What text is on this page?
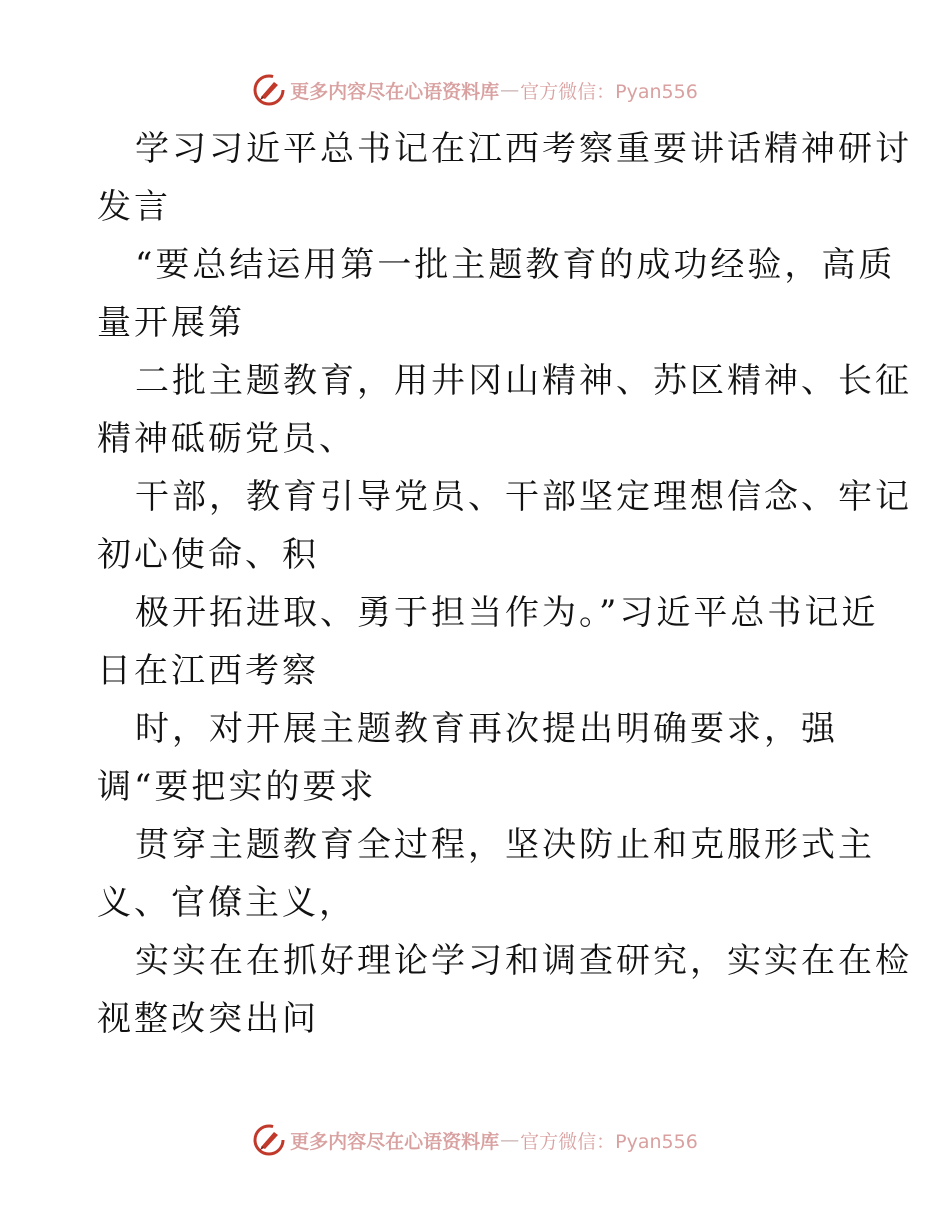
更多内容尽在心语资料库 — 官方微信：Pyan556

学习习近平总书记在江西考察重要讲话精神研讨
发言

“要总结运用第一批主题教育的成功经验，高质
量开展第

二批主题教育，用井冈山精神、苏区精神、长征
精神砥砺党员、

干部，教育引导党员、干部坚定理想信念、牢记
初心使命、积

极开拓进取、勇于担当作为。”习近平总书记近
日在江西考察

时，对开展主题教育再次提出明确要求，强
调“要把实的要求

贯穿主题教育全过程，坚决防止和克服形式主
义、官僚主义，

实实在在抓好理论学习和调查研究，实实在在检
视整改突出问

更多内容尽在心语资料库 — 官方微信：Pyan556
